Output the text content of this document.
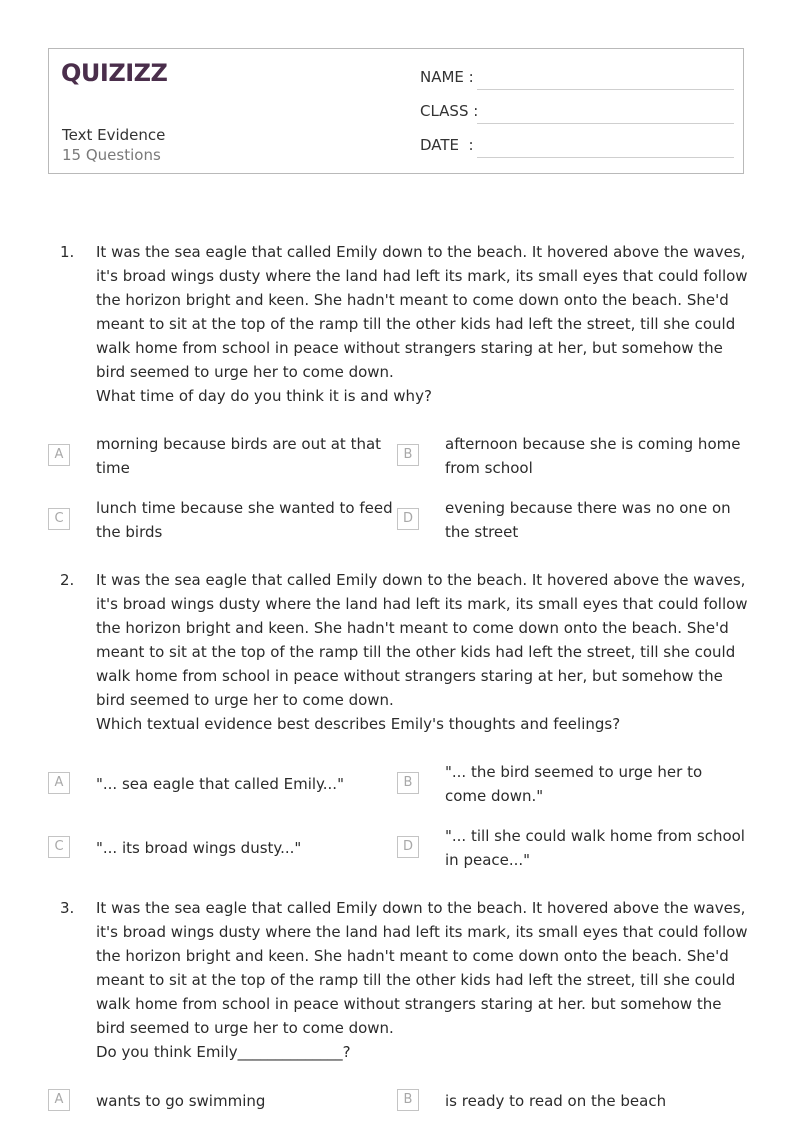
QUIZIZZ
Text Evidence
15 Questions
NAME :
CLASS :
DATE  :
1. It was the sea eagle that called Emily down to the beach. It hovered above the waves, it's broad wings dusty where the land had left its mark, its small eyes that could follow the horizon bright and keen. She hadn't meant to come down onto the beach. She'd meant to sit at the top of the ramp till the other kids had left the street, till she could walk home from school in peace without strangers staring at her, but somehow the bird seemed to urge her to come down.

What time of day do you think it is and why?

A
morning because birds are out at that time
B
afternoon because she is coming home from school
C
lunch time because she wanted to feed the birds
D
evening because there was no one on the street
2. It was the sea eagle that called Emily down to the beach. It hovered above the waves, it's broad wings dusty where the land had left its mark, its small eyes that could follow the horizon bright and keen. She hadn't meant to come down onto the beach. She'd meant to sit at the top of the ramp till the other kids had left the street, till she could walk home from school in peace without strangers staring at her, but somehow the bird seemed to urge her to come down.

Which textual evidence best describes Emily's thoughts and feelings?

A	"... sea eagle that called Emily..."	B
"... the bird seemed to urge her to come down."
C	"... its broad wings dusty..."	D
"... till she could walk home from school in peace..."
3. It was the sea eagle that called Emily down to the beach. It hovered above the waves, it's broad wings dusty where the land had left its mark, its small eyes that could follow the horizon bright and keen. She hadn't meant to come down onto the beach. She'd meant to sit at the top of the ramp till the other kids had left the street, till she could walk home from school in peace without strangers staring at her. but somehow the bird seemed to urge her to come down.

Do you think Emily______________?

A	wants to go swimming	B	is ready to read on the beach
